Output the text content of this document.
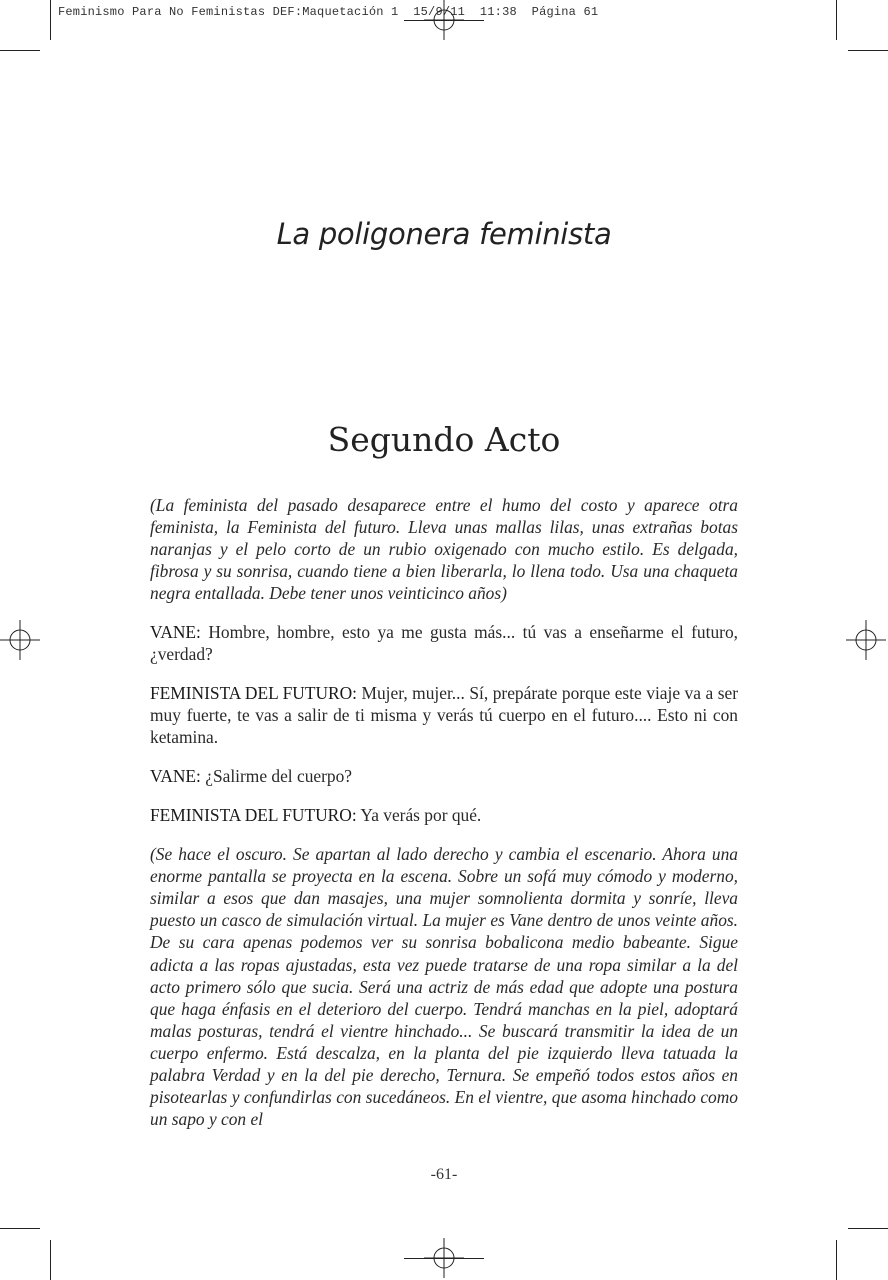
Feminismo Para No Feministas DEF:Maquetación 1  15/9/11  11:38  Página 61
La poligonera feminista
Segundo Acto

(La feminista del pasado desaparece entre el humo del costo y aparece otra feminista, la Feminista del futuro. Lleva unas mallas lilas, unas extrañas botas naranjas y el pelo corto de un rubio oxigenado con mucho estilo. Es delgada, fibrosa y su sonrisa, cuando tiene a bien liberarla, lo llena todo. Usa una chaqueta negra entallada. Debe tener unos veinticinco años)

VANE: Hombre, hombre, esto ya me gusta más... tú vas a enseñarme el futuro, ¿verdad?

FEMINISTA DEL FUTURO: Mujer, mujer... Sí, prepárate porque este viaje va a ser muy fuerte, te vas a salir de ti misma y verás tú cuerpo en el futuro.... Esto ni con ketamina.

VANE: ¿Salirme del cuerpo?

FEMINISTA DEL FUTURO: Ya verás por qué.

(Se hace el oscuro. Se apartan al lado derecho y cambia el escenario. Ahora una enorme pantalla se proyecta en la escena. Sobre un sofá muy cómodo y moderno, similar a esos que dan masajes, una mujer somnolienta dormita y sonríe, lleva puesto un casco de simulación virtual. La mujer es Vane dentro de unos veinte años. De su cara apenas podemos ver su sonrisa bobalicona medio babeante. Sigue adicta a las ropas ajustadas, esta vez puede tratarse de una ropa similar a la del acto primero sólo que sucia. Será una actriz de más edad que adopte una postura que haga énfasis en el deterioro del cuerpo. Tendrá manchas en la piel, adoptará malas posturas, tendrá el vientre hinchado... Se buscará transmitir la idea de un cuerpo enfermo. Está descalza, en la planta del pie izquierdo lleva tatuada la palabra Verdad y en la del pie derecho, Ternura. Se empeñó todos estos años en pisotearlas y confundirlas con sucedáneos. En el vientre, que asoma hinchado como un sapo y con el

-61-
